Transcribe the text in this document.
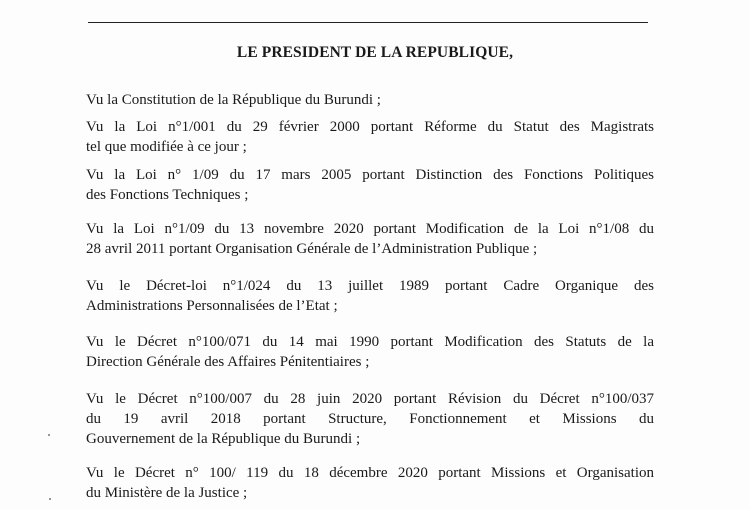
LE PRESIDENT DE LA REPUBLIQUE,
Vu la Constitution de la République du Burundi ;
Vu la Loi n°1/001 du 29 février 2000 portant Réforme du Statut des Magistrats
tel que modifiée à ce jour ;
Vu la Loi n° 1/09 du 17 mars 2005 portant Distinction des Fonctions Politiques
des Fonctions Techniques ;
Vu la Loi n°1/09 du 13 novembre 2020 portant Modification de la Loi n°1/08 du
28 avril 2011 portant Organisation Générale de l’Administration Publique ;
Vu le Décret-loi n°1/024 du 13 juillet 1989 portant Cadre Organique des
Administrations Personnalisées de l’Etat ;
Vu le Décret n°100/071 du 14 mai 1990 portant Modification des Statuts de la
Direction Générale des Affaires Pénitentiaires ;
Vu le Décret n°100/007 du 28 juin 2020 portant Révision du Décret n°100/037
du 19 avril 2018 portant Structure, Fonctionnement et Missions du
Gouvernement de la République du Burundi ;
Vu le Décret n° 100/ 119 du 18 décembre 2020 portant Missions et Organisation
du Ministère de la Justice ;
